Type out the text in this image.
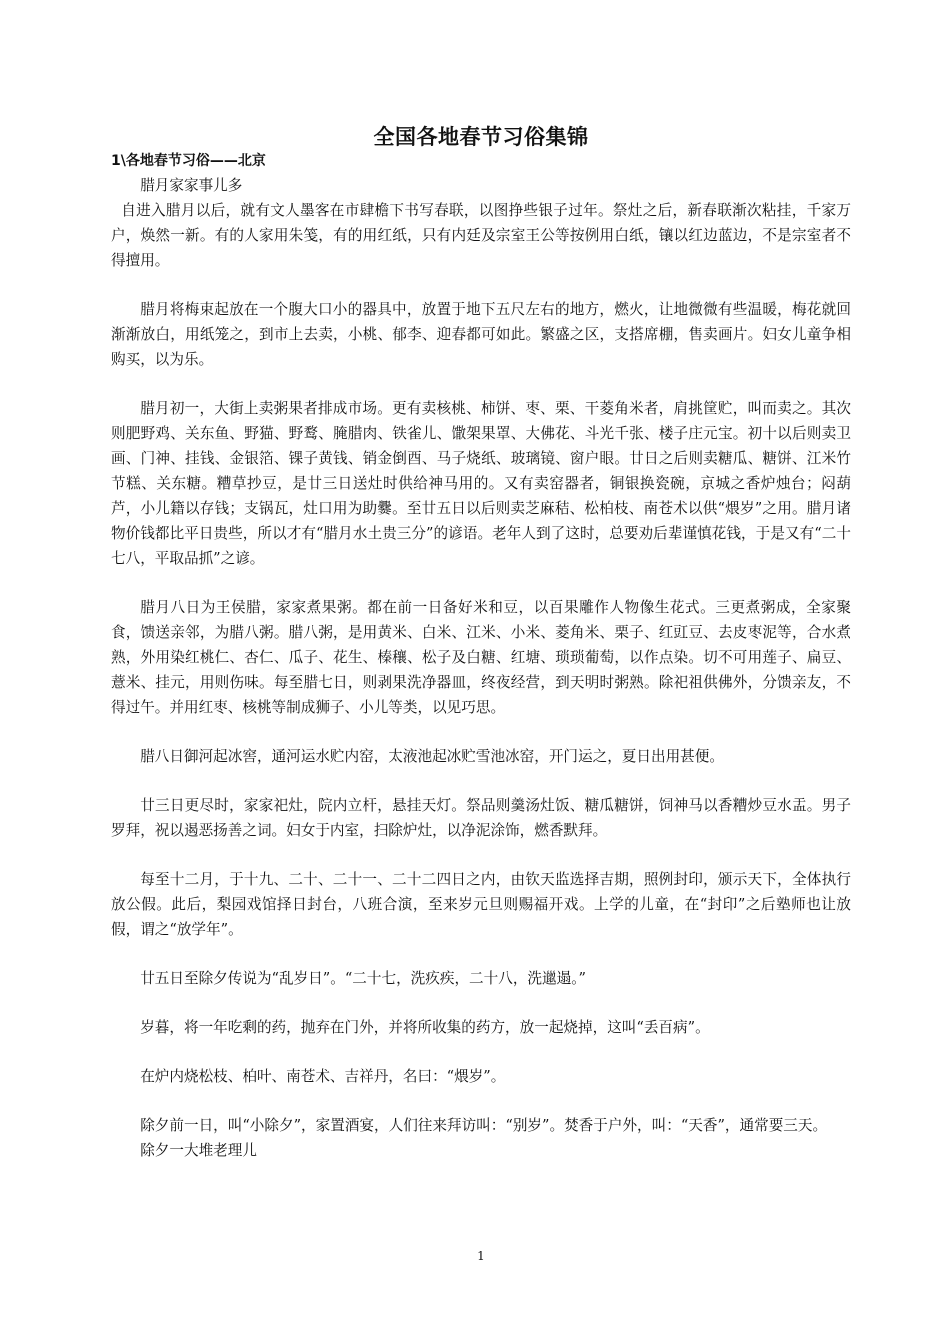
全国各地春节习俗集锦
1\各地春节习俗——北京

腊月家家事儿多

自进入腊月以后，就有文人墨客在市肆檐下书写春联，以图挣些银子过年。祭灶之后，新春联渐次粘挂，千家万户，焕然一新。有的人家用朱笺，有的用红纸，只有内廷及宗室王公等按例用白纸，镶以红边蓝边，不是宗室者不得擅用。

腊月将梅束起放在一个腹大口小的器具中，放置于地下五尺左右的地方，燃火，让地微微有些温暖，梅花就回渐渐放白，用纸笼之，到市上去卖，小桃、郁李、迎春都可如此。繁盛之区，支搭席棚，售卖画片。妇女儿童争相购买，以为乐。

腊月初一，大街上卖粥果者排成市场。更有卖核桃、柿饼、枣、栗、干菱角米者，肩挑筐贮，叫而卖之。其次则肥野鸡、关东鱼、野猫、野鹜、腌腊肉、铁雀儿、馓架果罩、大佛花、斗光千张、楼子庄元宝。初十以后则卖卫画、门神、挂钱、金银箔、锞子黄钱、销金倒酉、马子烧纸、玻璃镜、窗户眼。廿日之后则卖糖瓜、糖饼、江米竹节糕、关东糖。糟草抄豆，是廿三日送灶时供给神马用的。又有卖窑器者，铜银换瓷碗，京城之香炉烛台；闷葫芦，小儿籍以存钱；支锅瓦，灶口用为助爨。至廿五日以后则卖芝麻秸、松柏枝、南苍术以供“煨岁”之用。腊月诸物价钱都比平日贵些，所以才有“腊月水土贵三分”的谚语。老年人到了这时，总要劝后辈谨慎花钱，于是又有“二十七八，平取品抓”之谚。

腊月八日为王侯腊，家家煮果粥。都在前一日备好米和豆，以百果雕作人物像生花式。三更煮粥成，全家聚食，馈送亲邻，为腊八粥。腊八粥，是用黄米、白米、江米、小米、菱角米、栗子、红豇豆、去皮枣泥等，合水煮熟，外用染红桃仁、杏仁、瓜子、花生、榛穰、松子及白糖、红塘、琐琐葡萄，以作点染。切不可用莲子、扁豆、薏米、挂元，用则伤味。每至腊七日，则剥果洗净器皿，终夜经营，到天明时粥熟。除祀祖供佛外，分馈亲友，不得过午。并用红枣、核桃等制成狮子、小儿等类，以见巧思。

腊八日御河起冰窖，通河运水贮内窑，太液池起冰贮雪池冰窑，开门运之，夏日出用甚便。

廿三日更尽时，家家祀灶，院内立杆，悬挂天灯。祭品则羹汤灶饭、糖瓜糖饼，饲神马以香糟炒豆水盂。男子罗拜，祝以遏恶扬善之词。妇女于内室，扫除炉灶，以净泥涂饰，燃香默拜。

每至十二月，于十九、二十、二十一、二十二四日之内，由钦天监选择吉期，照例封印，颁示天下，全体执行放公假。此后，梨园戏馆择日封台，八班合演，至来岁元旦则赐福开戏。上学的儿童，在“封印”之后塾师也让放假，谓之“放学年”。

廿五日至除夕传说为“乱岁日”。“二十七，洗疚疾，二十八，洗邋遢。”

岁暮，将一年吃剩的药，抛弃在门外，并将所收集的药方，放一起烧掉，这叫“丢百病”。

在炉内烧松枝、柏叶、南苍术、吉祥丹，名曰：“煨岁”。

除夕前一日，叫“小除夕”，家置酒宴，人们往来拜访叫：“别岁”。焚香于户外，叫：“天香”，通常要三天。

除夕一大堆老理儿

1
